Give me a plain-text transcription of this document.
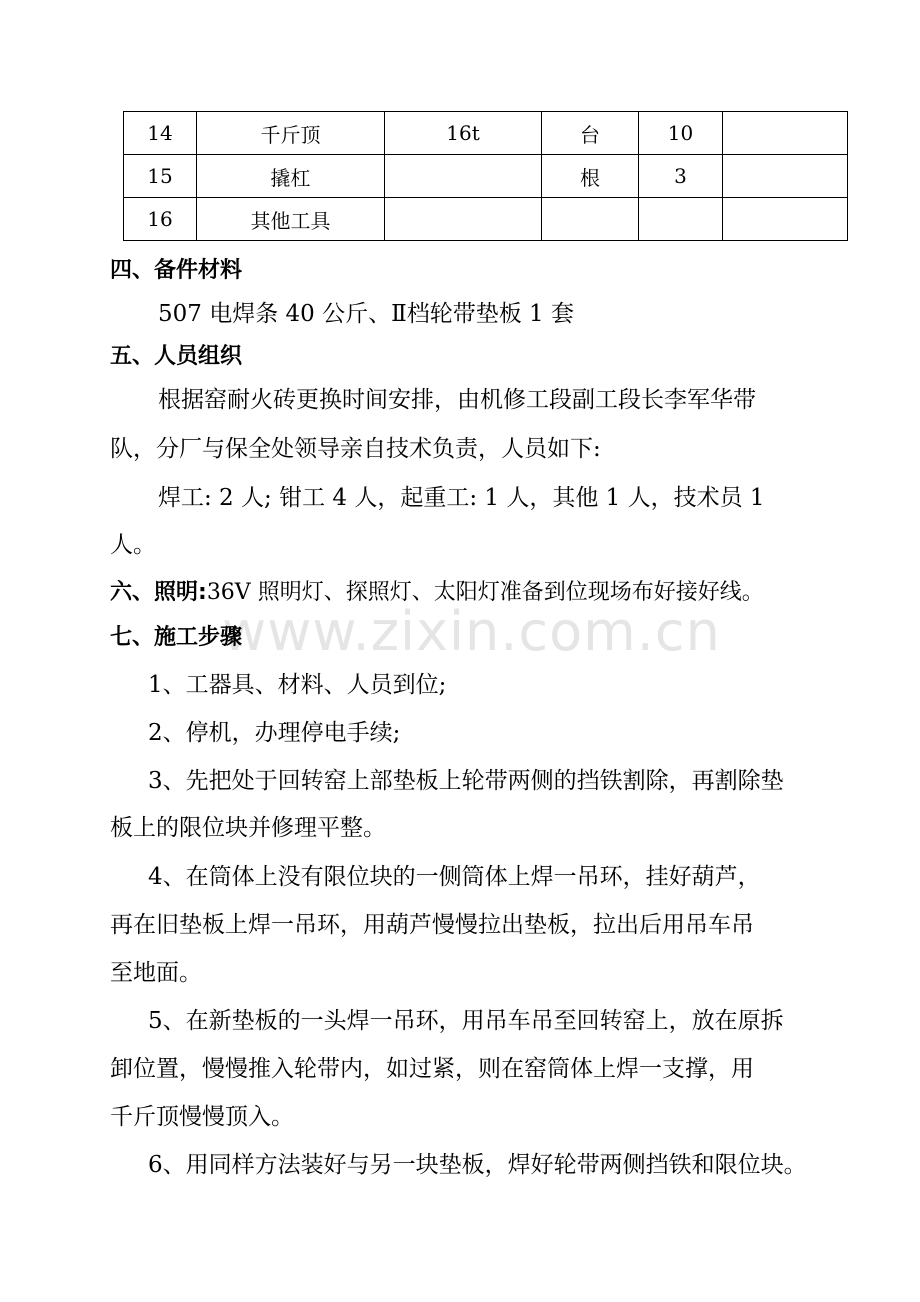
14	千斤顶	16t	台	10	
15	撬杠		根	3	
16	其他工具				
四、备件材料
507 电焊条 40 公斤、Ⅱ档轮带垫板 1 套
五、人员组织
根据窑耐火砖更换时间安排，由机修工段副工段长李军华带
队，分厂与保全处领导亲自技术负责，人员如下:
焊工: 2 人; 钳工 4 人，起重工: 1 人，其他 1 人，技术员 1
人。
六、照明:36V 照明灯、探照灯、太阳灯准备到位现场布好接好线。
www.zixin.com.cn
七、施工步骤
1、工器具、材料、人员到位;
2、停机，办理停电手续;
3、先把处于回转窑上部垫板上轮带两侧的挡铁割除，再割除垫
板上的限位块并修理平整。
4、在筒体上没有限位块的一侧筒体上焊一吊环，挂好葫芦，
再在旧垫板上焊一吊环，用葫芦慢慢拉出垫板，拉出后用吊车吊
至地面。
5、在新垫板的一头焊一吊环，用吊车吊至回转窑上，放在原拆
卸位置，慢慢推入轮带内，如过紧，则在窑筒体上焊一支撑，用
千斤顶慢慢顶入。
6、用同样方法装好与另一块垫板，焊好轮带两侧挡铁和限位块。
